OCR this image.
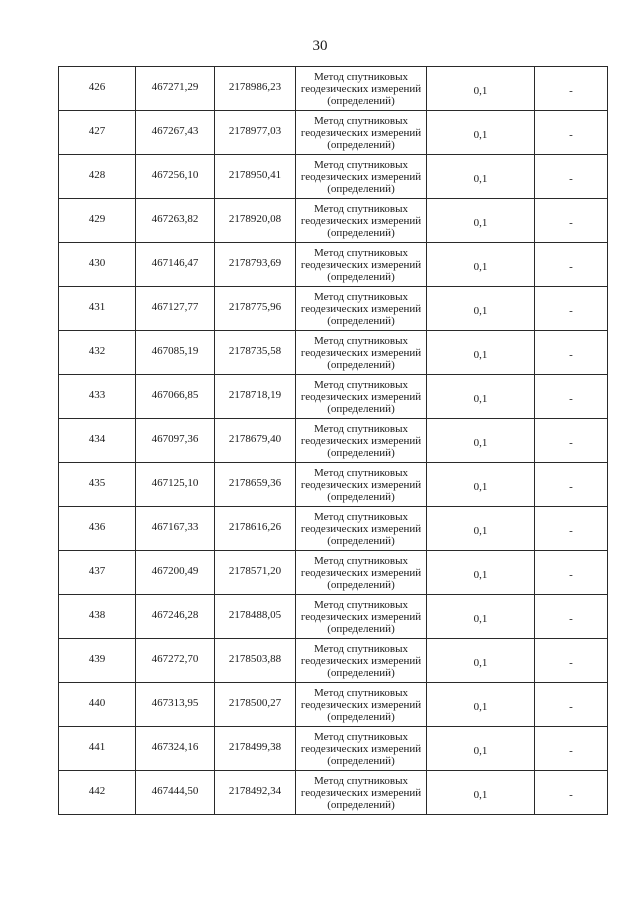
30
426	467271,29	2178986,23	Метод спутниковых геодезических измерений (определений)	0,1	-

427	467267,43	2178977,03	Метод спутниковых геодезических измерений (определений)	0,1	-

428	467256,10	2178950,41	Метод спутниковых геодезических измерений (определений)	0,1	-

429	467263,82	2178920,08	Метод спутниковых геодезических измерений (определений)	0,1	-

430	467146,47	2178793,69	Метод спутниковых геодезических измерений (определений)	0,1	-

431	467127,77	2178775,96	Метод спутниковых геодезических измерений (определений)	0,1	-

432	467085,19	2178735,58	Метод спутниковых геодезических измерений (определений)	0,1	-

433	467066,85	2178718,19	Метод спутниковых геодезических измерений (определений)	0,1	-

434	467097,36	2178679,40	Метод спутниковых геодезических измерений (определений)	0,1	-

435	467125,10	2178659,36	Метод спутниковых геодезических измерений (определений)	0,1	-

436	467167,33	2178616,26	Метод спутниковых геодезических измерений (определений)	0,1	-

437	467200,49	2178571,20	Метод спутниковых геодезических измерений (определений)	0,1	-

438	467246,28	2178488,05	Метод спутниковых геодезических измерений (определений)	0,1	-

439	467272,70	2178503,88	Метод спутниковых геодезических измерений (определений)	0,1	-

440	467313,95	2178500,27	Метод спутниковых геодезических измерений (определений)	0,1	-

441	467324,16	2178499,38	Метод спутниковых геодезических измерений (определений)	0,1	-

442	467444,50	2178492,34	Метод спутниковых геодезических измерений (определений)	0,1	-
